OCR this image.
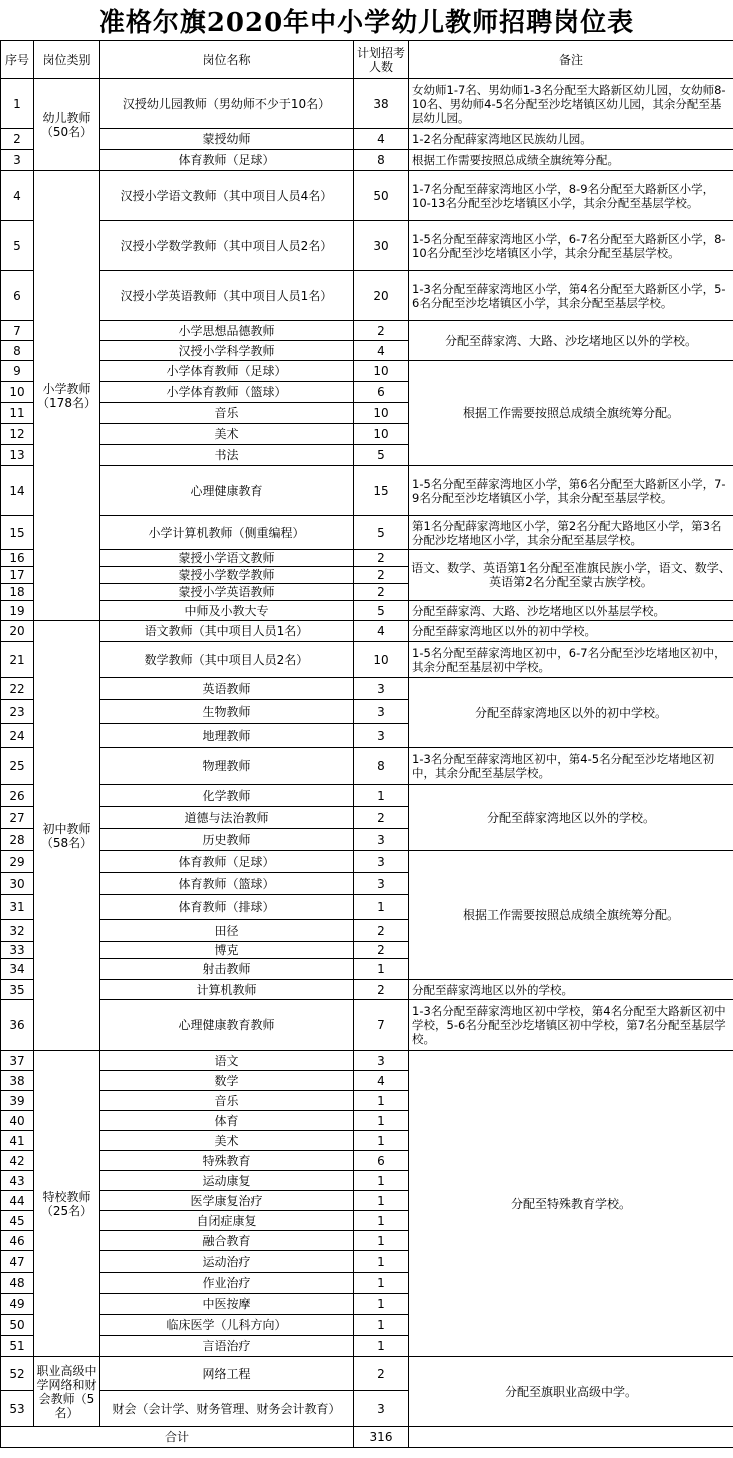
准格尔旗2020年中小学幼儿教师招聘岗位表
序号	岗位类别	岗位名称	计划招考人数	备注
1	幼儿教师（50名）	汉授幼儿园教师（男幼师不少于10名）	38	女幼师1-7名、男幼师1-3名分配至大路新区幼儿园，女幼师8-10名、男幼师4-5名分配至沙圪堵镇区幼儿园，其余分配至基层幼儿园。
2		蒙授幼师	4	1-2名分配薛家湾地区民族幼儿园。
3		体育教师（足球）	8	根据工作需要按照总成绩全旗统筹分配。
4	小学教师（178名）	汉授小学语文教师（其中项目人员4名）	50	1-7名分配至薛家湾地区小学，8-9名分配至大路新区小学，10-13名分配至沙圪堵镇区小学，其余分配至基层学校。
5		汉授小学数学教师（其中项目人员2名）	30	1-5名分配至薛家湾地区小学，6-7名分配至大路新区小学，8-10名分配至沙圪堵镇区小学，其余分配至基层学校。
6		汉授小学英语教师（其中项目人员1名）	20	1-3名分配至薛家湾地区小学，第4名分配至大路新区小学，5-6名分配至沙圪堵镇区小学，其余分配至基层学校。
7		小学思想品德教师	2	分配至薛家湾、大路、沙圪堵地区以外的学校。
8		汉授小学科学教师	4	
9		小学体育教师（足球）	10	根据工作需要按照总成绩全旗统筹分配。
10		小学体育教师（篮球）	6	
11		音乐	10	
12		美术	10	
13		书法	5	
14		心理健康教育	15	1-5名分配至薛家湾地区小学，第6名分配至大路新区小学，7-9名分配至沙圪堵镇区小学，其余分配至基层学校。
15		小学计算机教师（侧重编程）	5	第1名分配薛家湾地区小学，第2名分配大路地区小学，第3名分配沙圪堵地区小学，其余分配至基层学校。
16		蒙授小学语文教师	2	语文、数学、英语第1名分配至准旗民族小学，语文、数学、英语第2名分配至蒙古族学校。
17		蒙授小学数学教师	2	
18		蒙授小学英语教师	2	
19		中师及小教大专	5	分配至薛家湾、大路、沙圪堵地区以外基层学校。
20	初中教师（58名）	语文教师（其中项目人员1名）	4	分配至薛家湾地区以外的初中学校。
21		数学教师（其中项目人员2名）	10	1-5名分配至薛家湾地区初中，6-7名分配至沙圪堵地区初中，其余分配至基层初中学校。
22		英语教师	3	分配至薛家湾地区以外的初中学校。
23		生物教师	3	
24		地理教师	3	
25		物理教师	8	1-3名分配至薛家湾地区初中，第4-5名分配至沙圪堵地区初中，其余分配至基层学校。
26		化学教师	1	分配至薛家湾地区以外的学校。
27		道德与法治教师	2	
28		历史教师	3	
29		体育教师（足球）	3	根据工作需要按照总成绩全旗统筹分配。
30		体育教师（篮球）	3	
31		体育教师（排球）	1	
32		田径	2	
33		博克	2	
34		射击教师	1	
35		计算机教师	2	分配至薛家湾地区以外的学校。
36		心理健康教育教师	7	1-3名分配至薛家湾地区初中学校，第4名分配至大路新区初中学校，5-6名分配至沙圪堵镇区初中学校，第7名分配至基层学校。
37	特校教师（25名）	语文	3	分配至特殊教育学校。
38		数学	4	
39		音乐	1	
40		体育	1	
41		美术	1	
42		特殊教育	6	
43		运动康复	1	
44		医学康复治疗	1	
45		自闭症康复	1	
46		融合教育	1	
47		运动治疗	1	
48		作业治疗	1	
49		中医按摩	1	
50		临床医学（儿科方向）	1	
51		言语治疗	1	
52	职业高级中学网络和财会教师（5名）	网络工程	2	分配至旗职业高级中学。
53		财会（会计学、财务管理、财务会计教育）	3	
合计			316	
